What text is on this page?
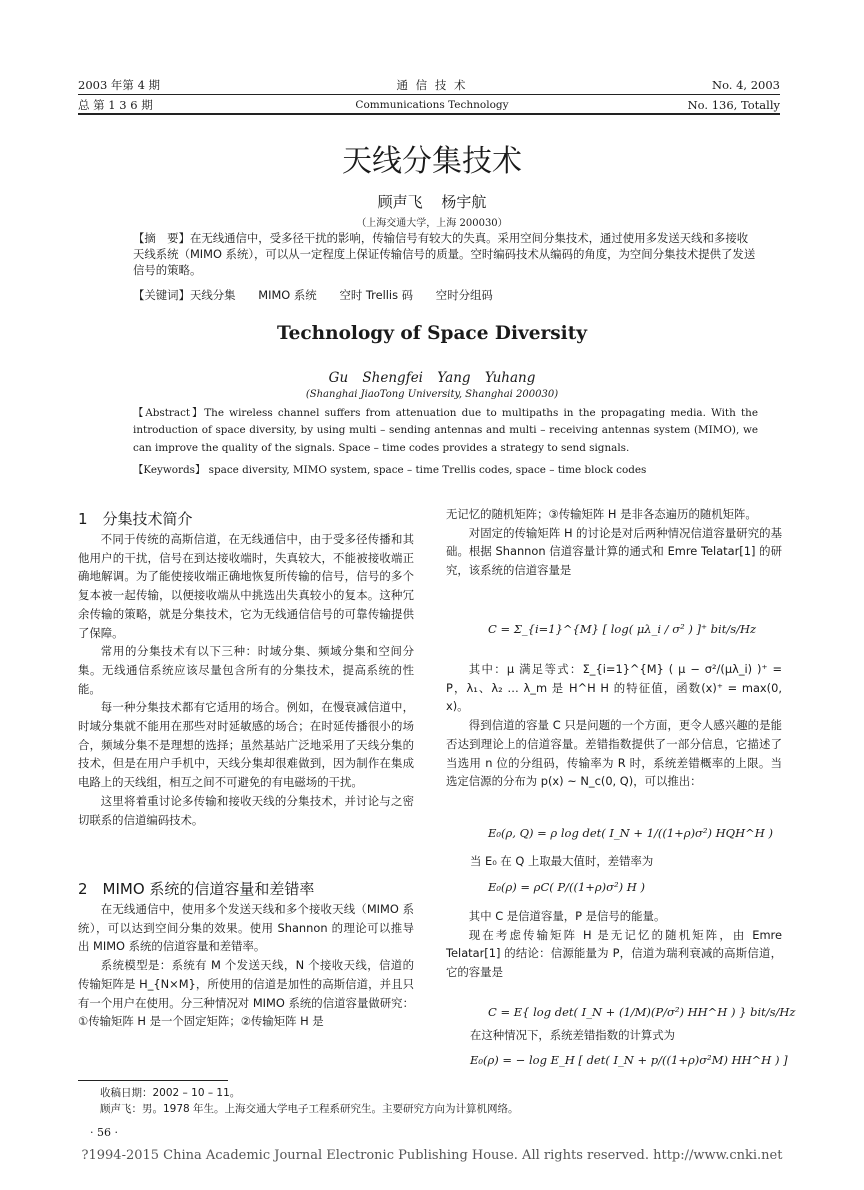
2003 年第 4 期
总 第 1 3 6 期
通 信 技 术
Communications Technology
No. 4, 2003
No. 136, Totally
天线分集技术
顾声飞 杨宇航
（上海交通大学，上海 200030）
【摘　要】在无线通信中，受多径干扰的影响，传输信号有较大的失真。采用空间分集技术，通过使用多发送天线和多接收天线系统（MIMO 系统），可以从一定程度上保证传输信号的质量。空时编码技术从编码的角度，为空间分集技术提供了发送信号的策略。
【关键词】天线分集　　MIMO 系统　　空时 Trellis 码　　空时分组码
Technology of Space Diversity
Gu Shengfei Yang Yuhang
(Shanghai JiaoTong University, Shanghai 200030)
【Abstract】The wireless channel suffers from attenuation due to multipaths in the propagating media. With the introduction of space diversity, by using multi – sending antennas and multi – receiving antennas system (MIMO), we can improve the quality of the signals. Space – time codes provides a strategy to send signals.
【Keywords】 space diversity, MIMO system, space – time Trellis codes, space – time block codes
1　分集技术简介

不同于传统的高斯信道，在无线通信中，由于受多径传播和其他用户的干扰，信号在到达接收端时，失真较大，不能被接收端正确地解调。为了能使接收端正确地恢复所传输的信号，信号的多个复本被一起传输，以便接收端从中挑选出失真较小的复本。这种冗余传输的策略，就是分集技术，它为无线通信信号的可靠传输提供了保障。

常用的分集技术有以下三种：时域分集、频域分集和空间分集。无线通信系统应该尽量包含所有的分集技术，提高系统的性能。

每一种分集技术都有它适用的场合。例如，在慢衰减信道中，时域分集就不能用在那些对时延敏感的场合；在时延传播很小的场合，频域分集不是理想的选择；虽然基站广泛地采用了天线分集的技术，但是在用户手机中，天线分集却很难做到，因为制作在集成电路上的天线组，相互之间不可避免的有电磁场的干扰。

这里将着重讨论多传输和接收天线的分集技术，并讨论与之密切联系的信道编码技术。

2　MIMO 系统的信道容量和差错率

在无线通信中，使用多个发送天线和多个接收天线（MIMO 系统），可以达到空间分集的效果。使用 Shannon 的理论可以推导出 MIMO 系统的信道容量和差错率。

系统模型是：系统有 M 个发送天线，N 个接收天线，信道的传输矩阵是 H_{N×M}，所使用的信道是加性的高斯信道，并且只有一个用户在使用。分三种情况对 MIMO 系统的信道容量做研究：①传输矩阵 H 是一个固定矩阵；②传输矩阵 H 是

无记忆的随机矩阵；③传输矩阵 H 是非各态遍历的随机矩阵。

对固定的传输矩阵 H 的讨论是对后两种情况信道容量研究的基础。根据 Shannon 信道容量计算的通式和 Emre Telatar[1] 的研究，该系统的信道容量是

C = Σ_{i=1}^{M} [ log( μλ_i / σ² ) ]⁺ bit/s/Hz

其中：μ 满足等式：Σ_{i=1}^{M} ( μ − σ²/(μλ_i) )⁺ = P，λ₁、λ₂ … λ_m 是 H^H H 的特征值，函数(x)⁺ = max(0, x)。

得到信道的容量 C 只是问题的一个方面，更令人感兴趣的是能否达到理论上的信道容量。差错指数提供了一部分信息，它描述了当选用 n 位的分组码，传输率为 R 时，系统差错概率的上限。当选定信源的分布为 p(x) ~ N_c(0, Q)，可以推出：

E₀(ρ, Q) = ρ log det( I_N + 1/((1+ρ)σ²) HQH^H )
当 E₀ 在 Q 上取最大值时，差错率为
E₀(ρ) = ρC( P/((1+ρ)σ²) H )

其中 C 是信道容量，P 是信号的能量。

现在考虑传输矩阵 H 是无记忆的随机矩阵，由 Emre Telatar[1] 的结论：信源能量为 P，信道为瑞利衰减的高斯信道，它的容量是

C = E{ log det( I_N + (1/M)(P/σ²) HH^H ) } bit/s/Hz
在这种情况下，系统差错指数的计算式为
E₀(ρ) = − log E_H [ det( I_N + p/((1+ρ)σ²M) HH^H ) ]
收稿日期：2002 – 10 – 11。
顾声飞：男。1978 年生。上海交通大学电子工程系研究生。主要研究方向为计算机网络。
· 56 ·
?1994-2015 China Academic Journal Electronic Publishing House. All rights reserved. http://www.cnki.net
